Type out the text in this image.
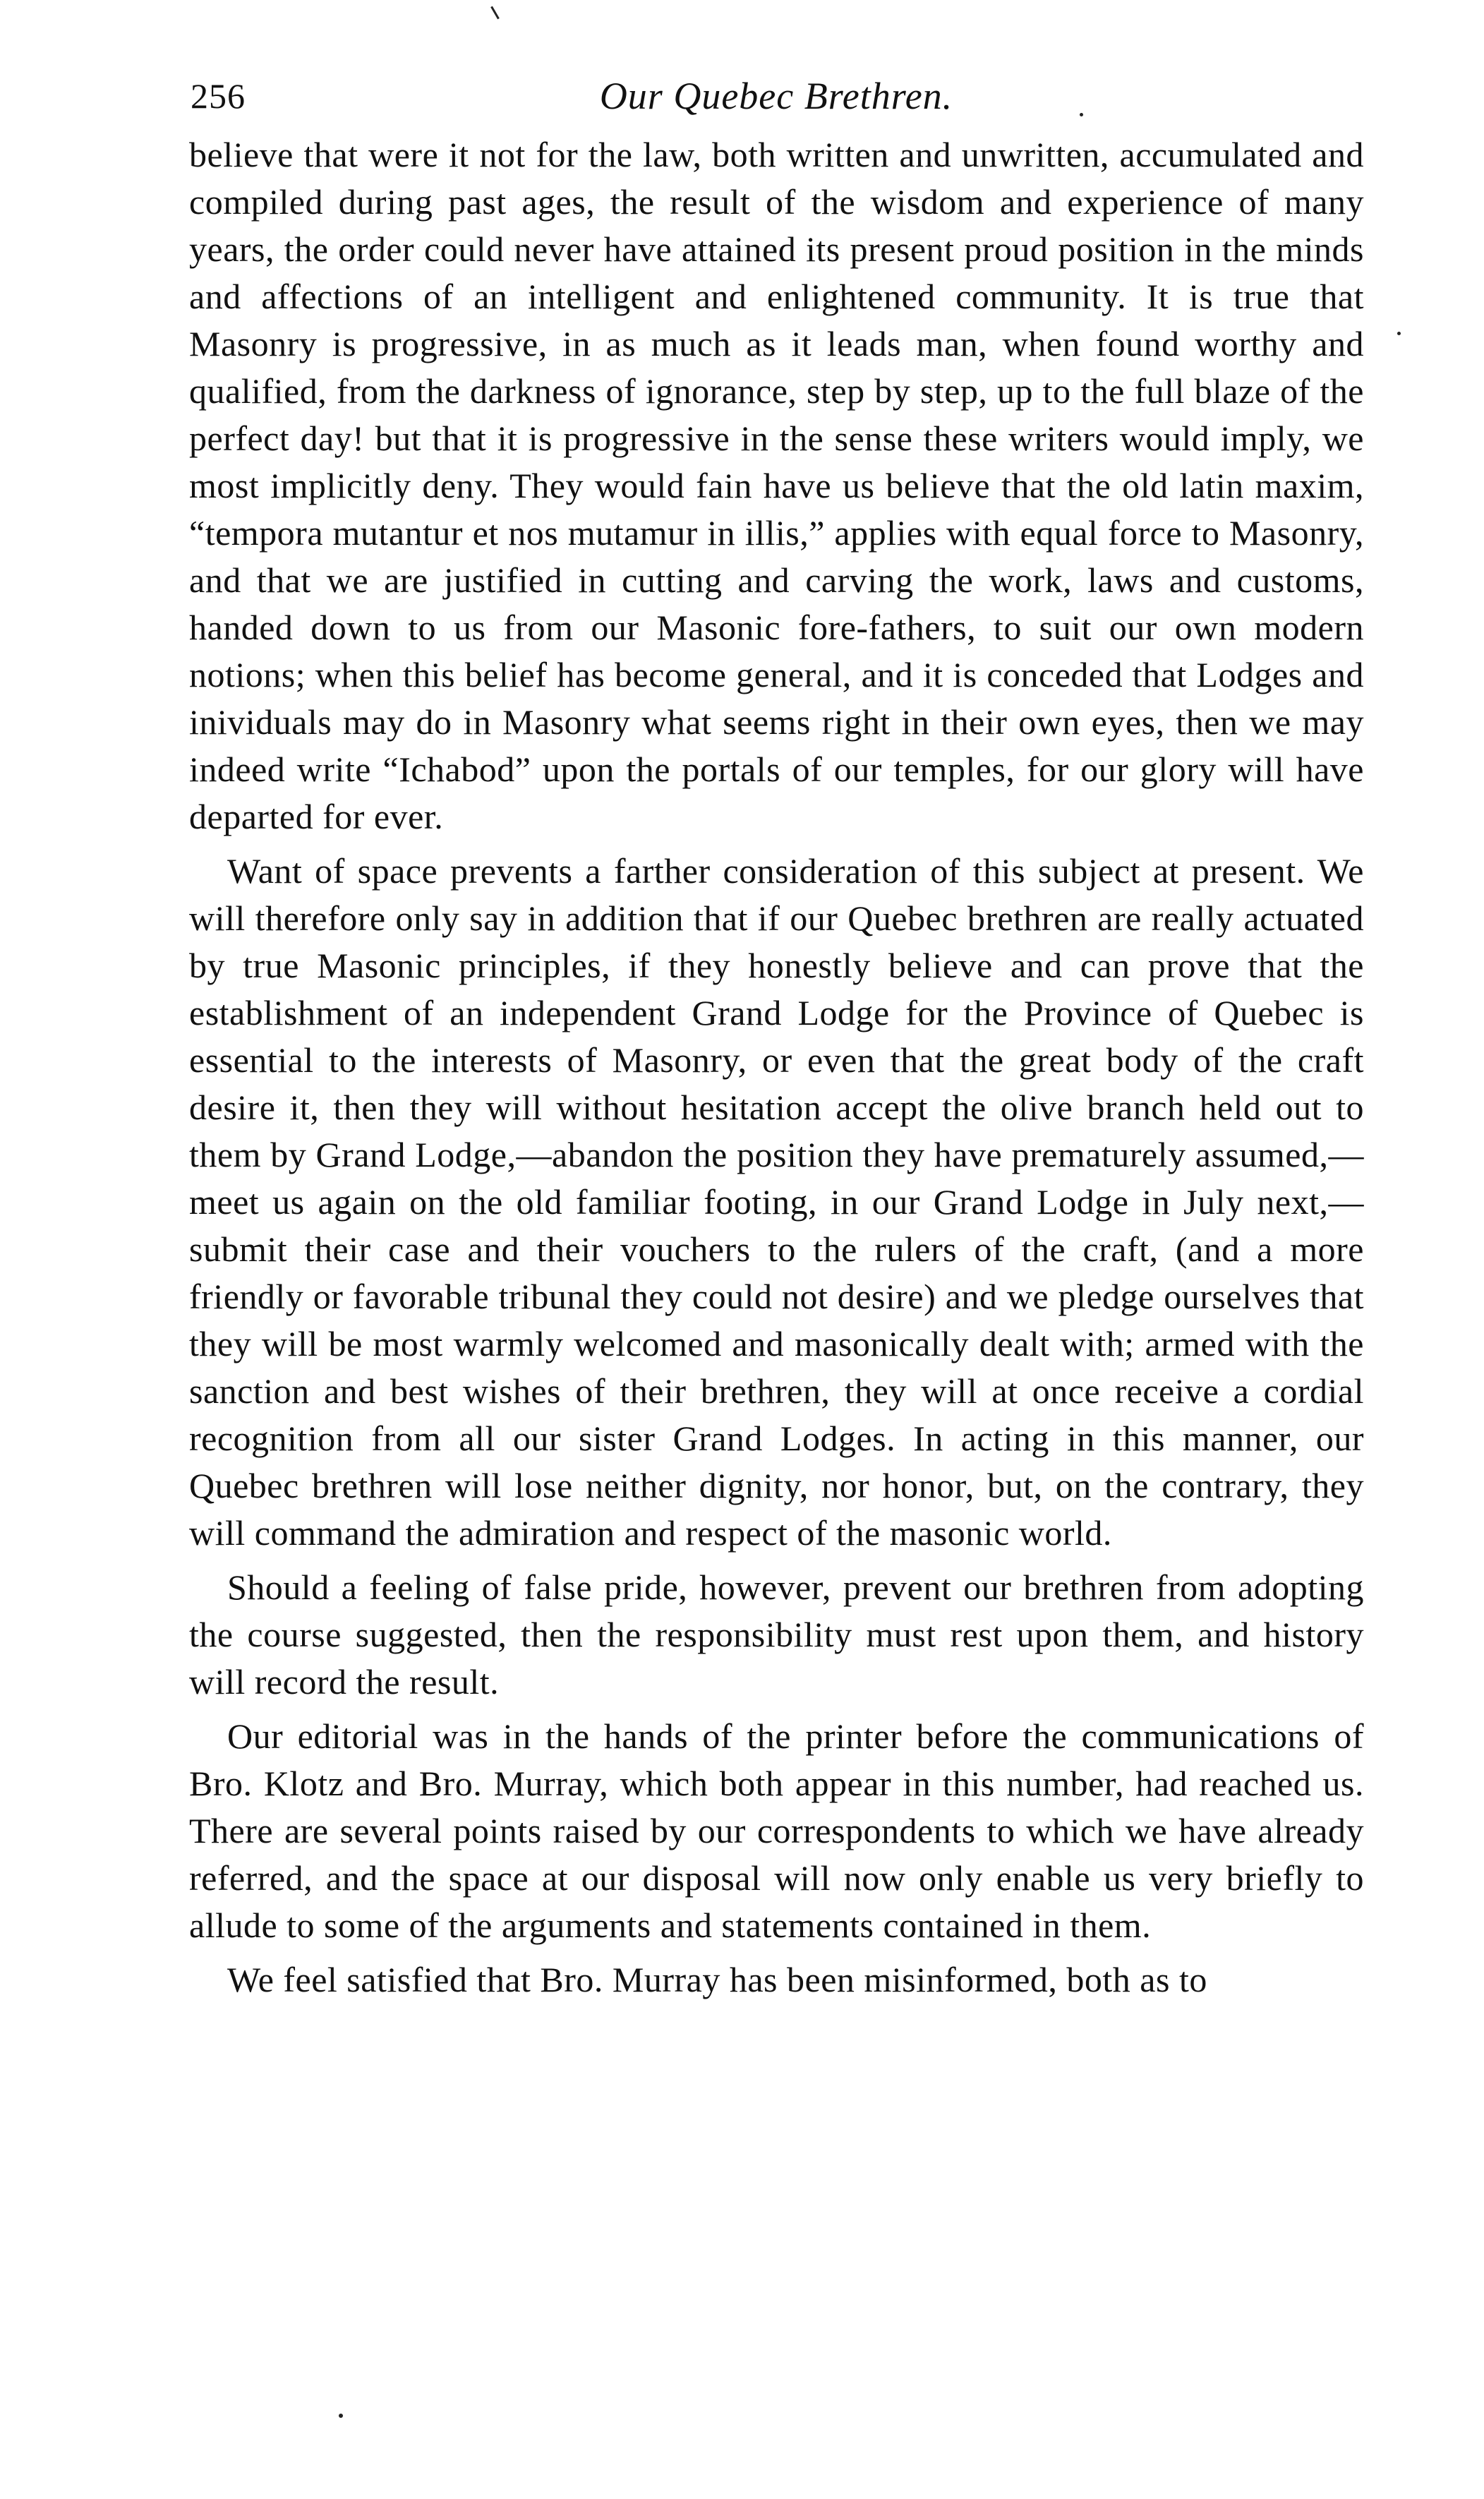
256	Our Quebec Brethren.

believe that were it not for the law, both written and unwritten, accumulated and compiled during past ages, the result of the wisdom and experience of many years, the order could never have attained its present proud position in the minds and affections of an intelligent and enlightened community. It is true that Masonry is progressive, in as much as it leads man, when found worthy and qualified, from the darkness of ignorance, step by step, up to the full blaze of the perfect day! but that it is progressive in the sense these writers would imply, we most implicitly deny. They would fain have us believe that the old latin maxim, “tempora mutantur et nos mutamur in illis,” applies with equal force to Masonry, and that we are justified in cutting and carving the work, laws and customs, handed down to us from our Masonic fore-fathers, to suit our own modern notions; when this belief has become general, and it is conceded that Lodges and inividuals may do in Masonry what seems right in their own eyes, then we may indeed write “Ichabod” upon the portals of our temples, for our glory will have departed for ever.

Want of space prevents a farther consideration of this subject at present. We will therefore only say in addition that if our Quebec brethren are really actuated by true Masonic principles, if they honestly believe and can prove that the establishment of an independent Grand Lodge for the Province of Quebec is essential to the interests of Masonry, or even that the great body of the craft desire it, then they will without hesitation accept the olive branch held out to them by Grand Lodge,—abandon the position they have prematurely assumed,—meet us again on the old familiar footing, in our Grand Lodge in July next,—submit their case and their vouchers to the rulers of the craft, (and a more friendly or favorable tribunal they could not desire) and we pledge ourselves that they will be most warmly welcomed and masonically dealt with; armed with the sanction and best wishes of their brethren, they will at once receive a cordial recognition from all our sister Grand Lodges. In acting in this manner, our Quebec brethren will lose neither dignity, nor honor, but, on the contrary, they will command the admiration and respect of the masonic world.

Should a feeling of false pride, however, prevent our brethren from adopting the course suggested, then the responsibility must rest upon them, and history will record the result.

Our editorial was in the hands of the printer before the communications of Bro. Klotz and Bro. Murray, which both appear in this number, had reached us. There are several points raised by our correspondents to which we have already referred, and the space at our disposal will now only enable us very briefly to allude to some of the arguments and statements contained in them.

We feel satisfied that Bro. Murray has been misinformed, both as to
